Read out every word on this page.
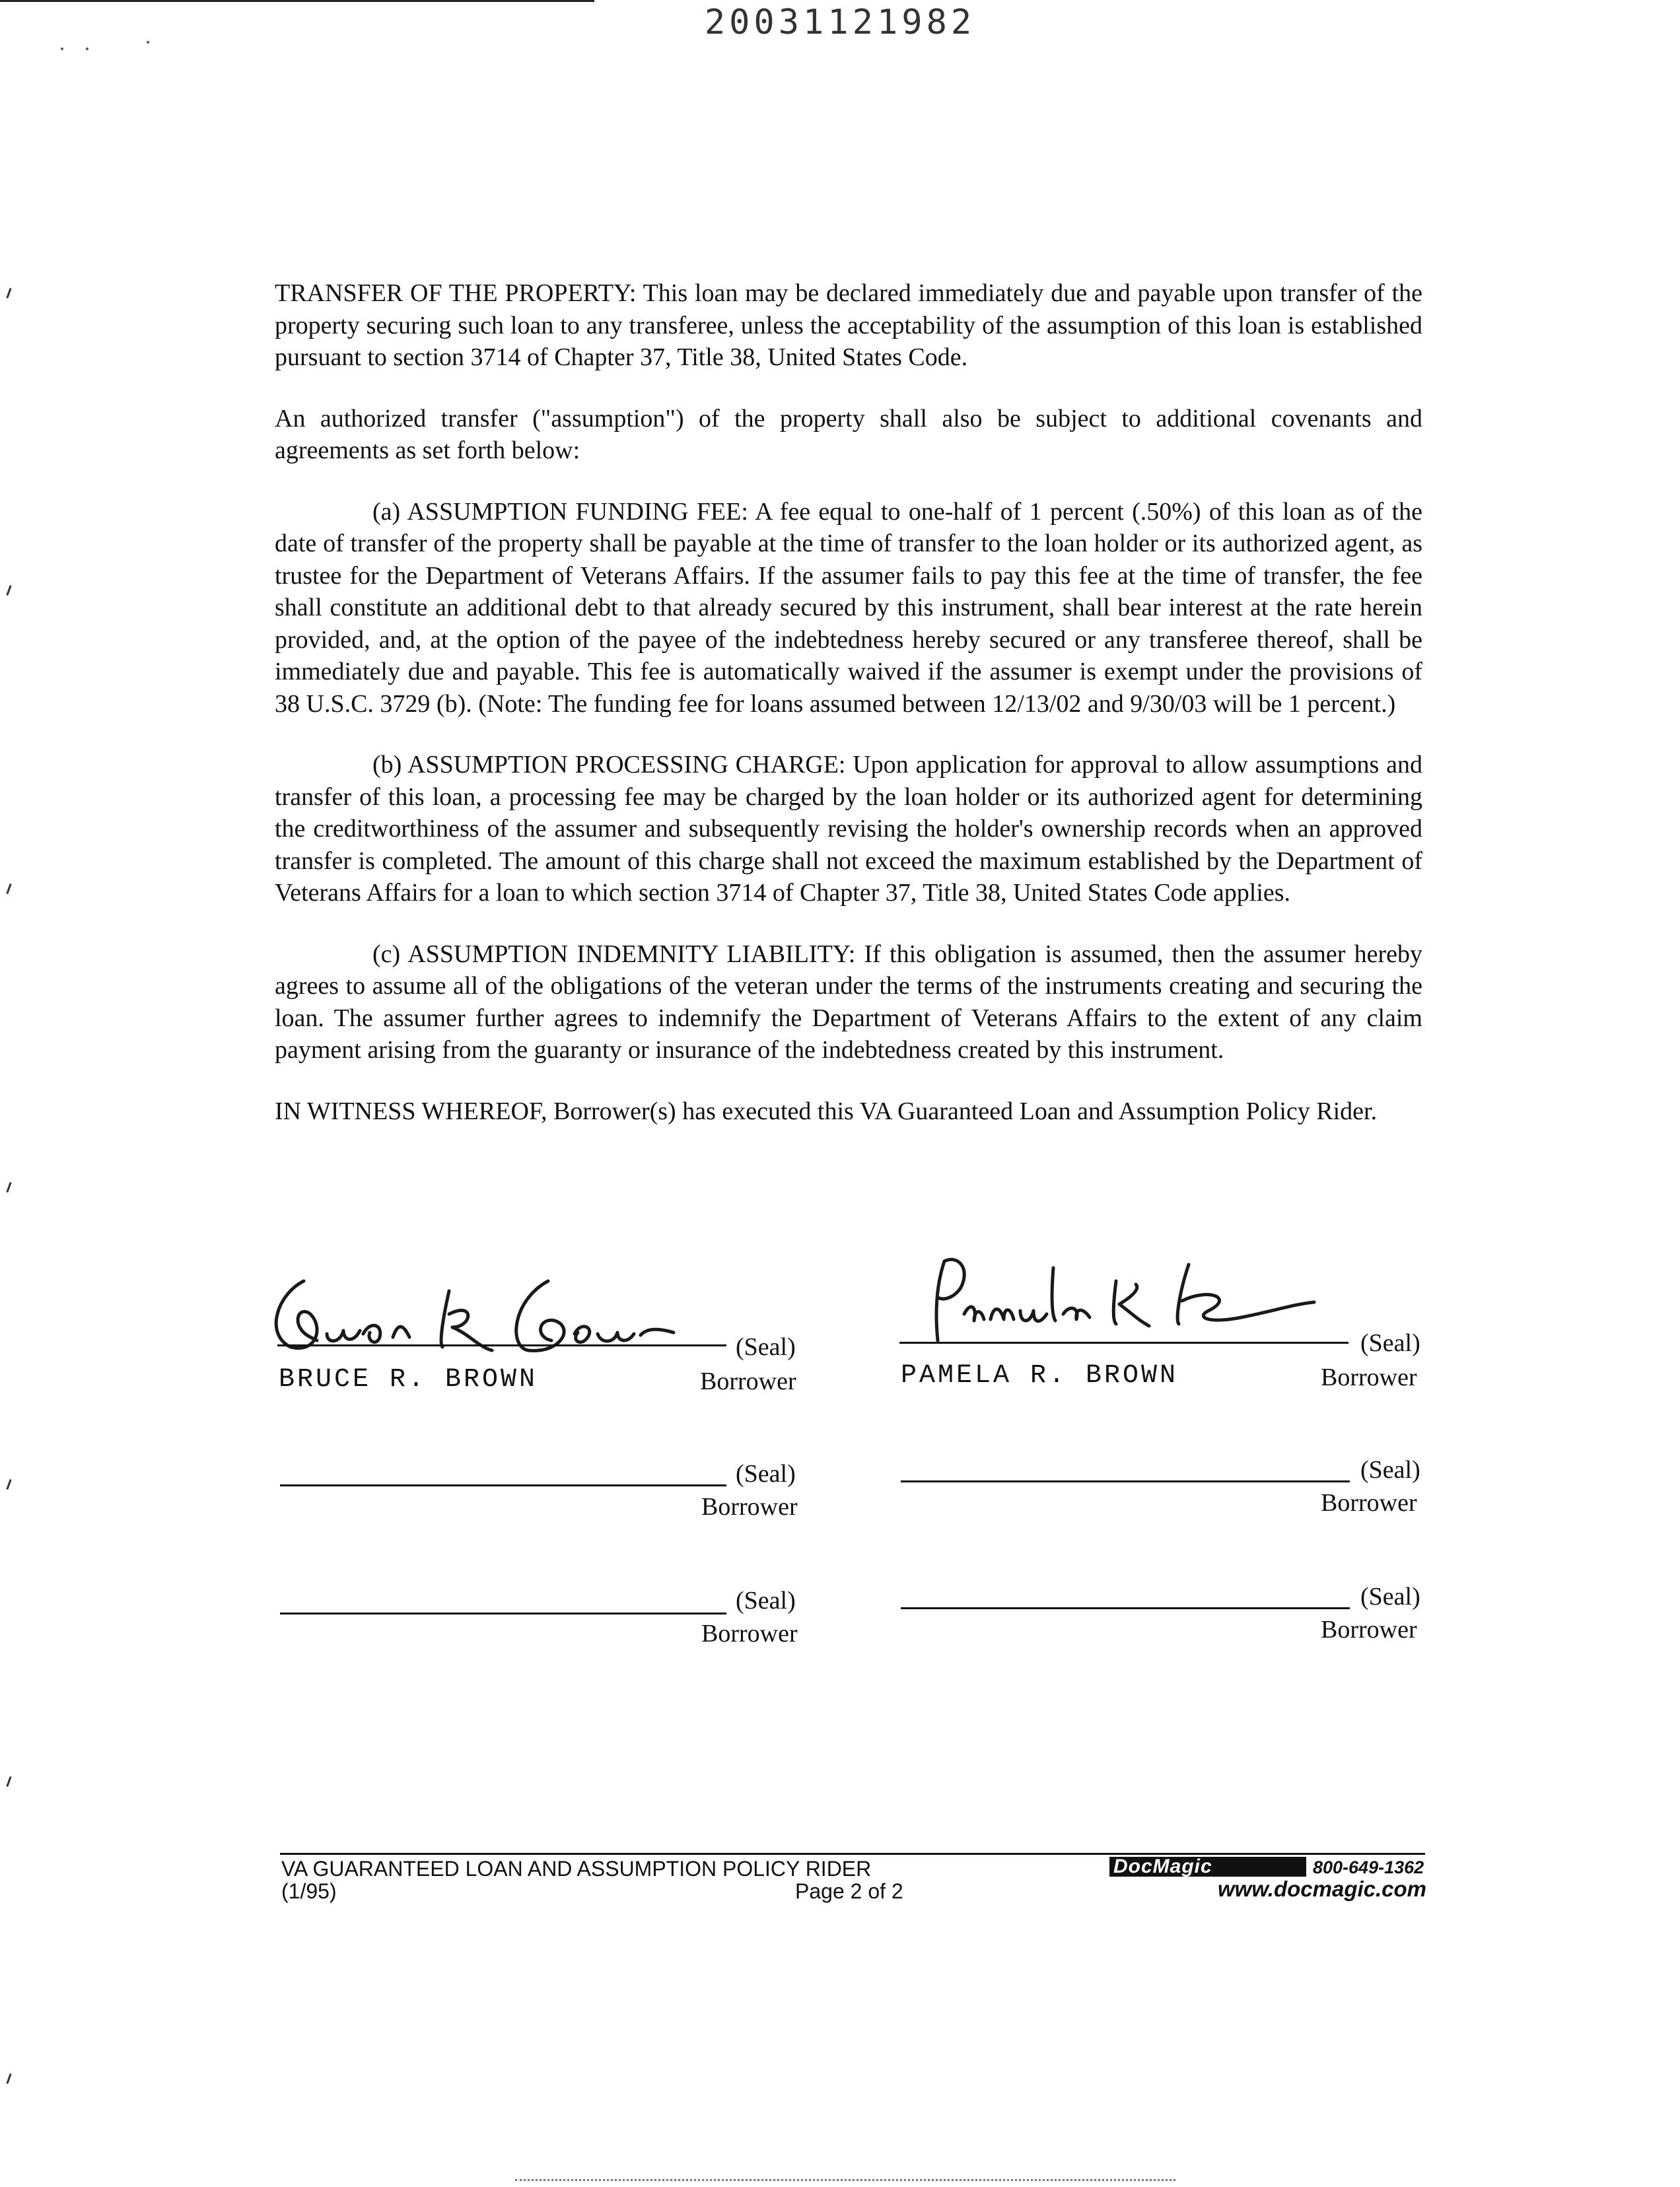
20031121982

TRANSFER OF THE PROPERTY: This loan may be declared immediately due and payable upon transfer of the property securing such loan to any transferee, unless the acceptability of the assumption of this loan is established pursuant to section 3714 of Chapter 37, Title 38, United States Code.

An authorized transfer ("assumption") of the property shall also be subject to additional covenants and agreements as set forth below:

(a) ASSUMPTION FUNDING FEE: A fee equal to one-half of 1 percent (.50%) of this loan as of the date of transfer of the property shall be payable at the time of transfer to the loan holder or its authorized agent, as trustee for the Department of Veterans Affairs. If the assumer fails to pay this fee at the time of transfer, the fee shall constitute an additional debt to that already secured by this instrument, shall bear interest at the rate herein provided, and, at the option of the payee of the indebtedness hereby secured or any transferee thereof, shall be immediately due and payable. This fee is automatically waived if the assumer is exempt under the provisions of 38 U.S.C. 3729 (b). (Note: The funding fee for loans assumed between 12/13/02 and 9/30/03 will be 1 percent.)

(b) ASSUMPTION PROCESSING CHARGE: Upon application for approval to allow assumptions and transfer of this loan, a processing fee may be charged by the loan holder or its authorized agent for determining the creditworthiness of the assumer and subsequently revising the holder's ownership records when an approved transfer is completed. The amount of this charge shall not exceed the maximum established by the Department of Veterans Affairs for a loan to which section 3714 of Chapter 37, Title 38, United States Code applies.

(c) ASSUMPTION INDEMNITY LIABILITY: If this obligation is assumed, then the assumer hereby agrees to assume all of the obligations of the veteran under the terms of the instruments creating and securing the loan. The assumer further agrees to indemnify the Department of Veterans Affairs to the extent of any claim payment arising from the guaranty or insurance of the indebtedness created by this instrument.

IN WITNESS WHEREOF, Borrower(s) has executed this VA Guaranteed Loan and Assumption Policy Rider.

(Seal)
BRUCE R. BROWN	Borrower
(Seal)
PAMELA R. BROWN	Borrower
(Seal)
Borrower
(Seal)
Borrower
(Seal)
Borrower
(Seal)
Borrower
VA GUARANTEED LOAN AND ASSUMPTION POLICY RIDER
(1/95)	Page 2 of 2
DocMagic	800-649-1362
www.docmagic.com
